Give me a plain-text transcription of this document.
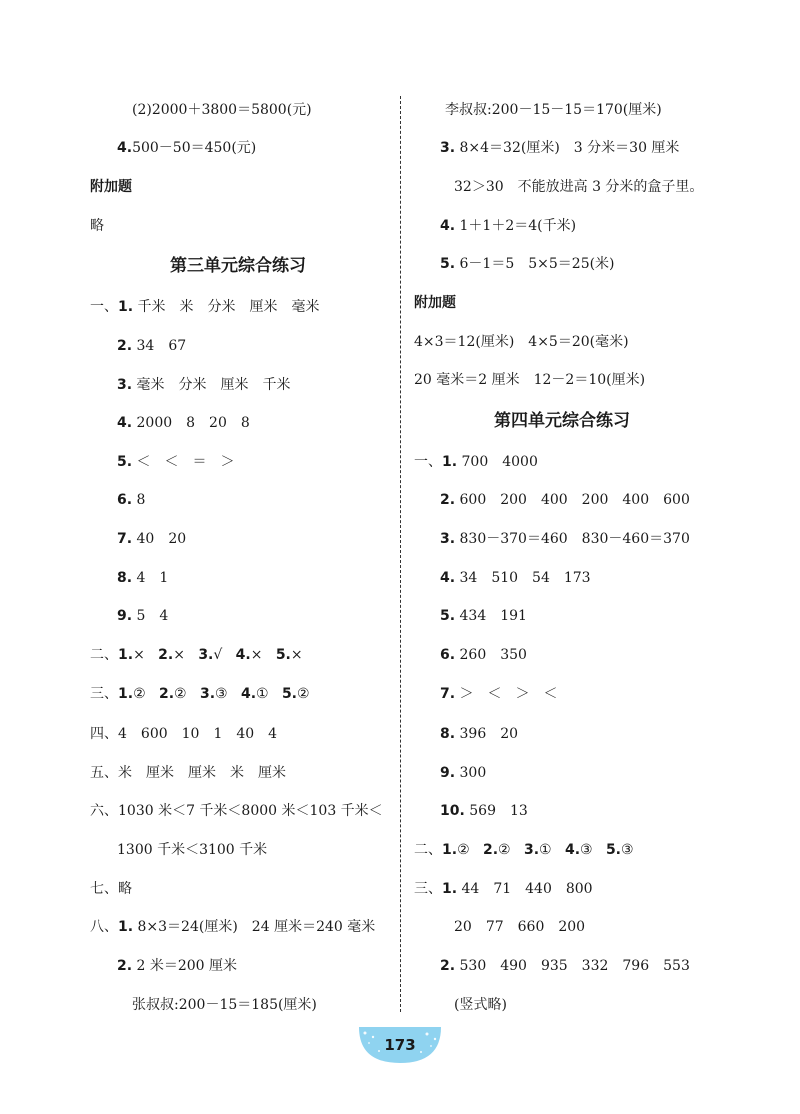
(2)2000＋3800＝5800(元)
4.500－50＝450(元)
附加题
略
第三单元综合练习
一、1. 千米　米　分米　厘米　毫米
2. 34　67
3. 毫米　分米　厘米　千米
4. 2000　8　20　8
5. ＜　＜　＝　＞
6. 8
7. 40　20
8. 4　1
9. 5　4
二、1.× 2.× 3.√ 4.× 5.×
三、1.② 2.② 3.③ 4.① 5.②
四、4　600　10　1　40　4
五、米　厘米　厘米　米　厘米
六、1030 米＜7 千米＜8000 米＜103 千米＜
1300 千米＜3100 千米
七、略
八、1. 8×3＝24(厘米)　24 厘米＝240 毫米
2. 2 米＝200 厘米
张叔叔:200－15＝185(厘米)
李叔叔:200－15－15＝170(厘米)
3. 8×4＝32(厘米)　3 分米＝30 厘米
32＞30　不能放进高 3 分米的盒子里。
4. 1＋1＋2＝4(千米)
5. 6－1＝5　5×5＝25(米)
附加题
4×3＝12(厘米)　4×5＝20(毫米)
20 毫米＝2 厘米　12－2＝10(厘米)
第四单元综合练习
一、1. 700　4000
2. 600　200　400　200　400　600
3. 830－370＝460　830－460＝370
4. 34　510　54　173
5. 434　191
6. 260　350
7. ＞　＜　＞　＜
8. 396　20
9. 300
10. 569　13
二、1.② 2.② 3.① 4.③ 5.③
三、1. 44　71　440　800
20　77　660　200
2. 530　490　935　332　796　553
(竖式略)
173
